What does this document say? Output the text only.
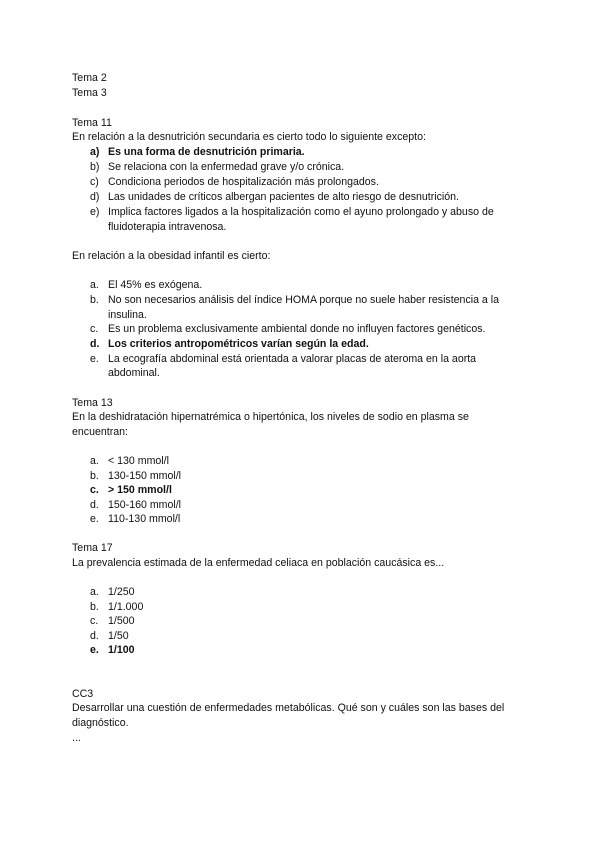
Tema 2
Tema 3
Tema 11
En relación a la desnutrición secundaria es cierto todo lo siguiente excepto:
a) Es una forma de desnutrición primaria.
b) Se relaciona con la enfermedad grave y/o crónica.
c) Condiciona periodos de hospitalización más prolongados.
d) Las unidades de críticos albergan pacientes de alto riesgo de desnutrición.
e) Implica factores ligados a la hospitalización como el ayuno prolongado y abuso de
fluidoterapia intravenosa.
En relación a la obesidad infantil es cierto:
a. El 45% es exógena.
b. No son necesarios análisis del índice HOMA porque no suele haber resistencia a la
insulina.
c. Es un problema exclusivamente ambiental donde no influyen factores genéticos.
d. Los criterios antropométricos varían según la edad.
e. La ecografía abdominal está orientada a valorar placas de ateroma en la aorta
abdominal.
Tema 13
En la deshidratación hipernatrémica o hipertónica, los niveles de sodio en plasma se
encuentran:
a. < 130 mmol/l
b. 130-150 mmol/l
c. > 150 mmol/l
d. 150-160 mmol/l
e. 110-130 mmol/l
Tema 17
La prevalencia estimada de la enfermedad celiaca en población caucásica es...
a. 1/250
b. 1/1.000
c. 1/500
d. 1/50
e. 1/100
CC3
Desarrollar una cuestión de enfermedades metabólicas. Qué son y cuáles son las bases del
diagnóstico.
...
